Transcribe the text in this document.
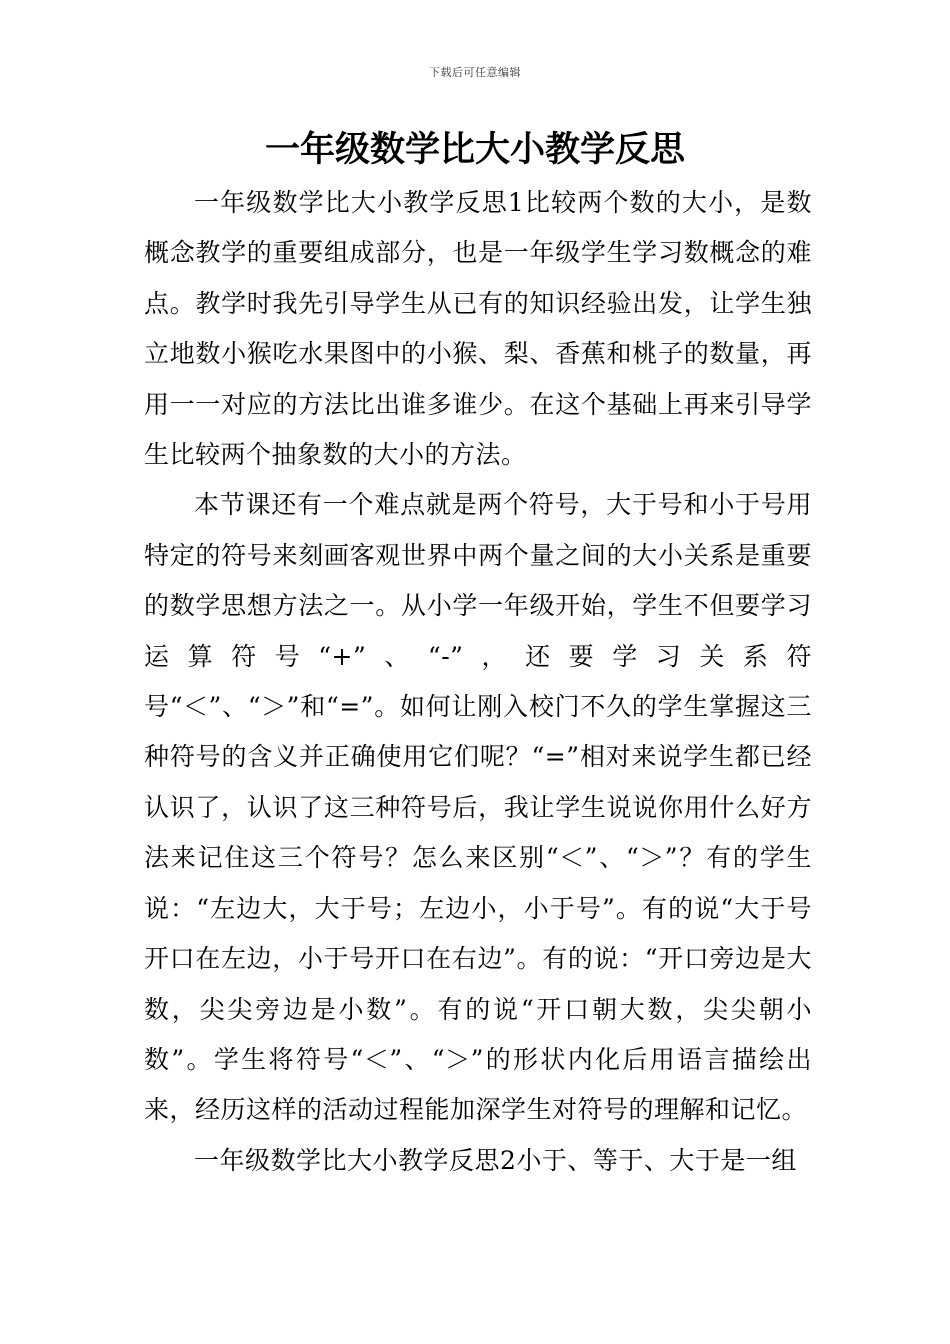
下载后可任意编辑
一年级数学比大小教学反思

一年级数学比大小教学反思1比较两个数的大小，是数概念教学的重要组成部分，也是一年级学生学习数概念的难点。教学时我先引导学生从已有的知识经验出发，让学生独立地数小猴吃水果图中的小猴、梨、香蕉和桃子的数量，再用一一对应的方法比出谁多谁少。在这个基础上再来引导学生比较两个抽象数的大小的方法。

本节课还有一个难点就是两个符号，大于号和小于号用特定的符号来刻画客观世界中两个量之间的大小关系是重要的数学思想方法之一。从小学一年级开始，学生不但要学习运算符号“+”、“-”，还要学习关系符号“＜”、“＞”和“=”。如何让刚入校门不久的学生掌握这三种符号的含义并正确使用它们呢？“=”相对来说学生都已经认识了，认识了这三种符号后，我让学生说说你用什么好方法来记住这三个符号？怎么来区别“＜”、“＞”？有的学生说：“左边大，大于号；左边小，小于号”。有的说“大于号开口在左边，小于号开口在右边”。有的说：“开口旁边是大数，尖尖旁边是小数”。有的说“开口朝大数，尖尖朝小数”。学生将符号“＜”、“＞”的形状内化后用语言描绘出来，经历这样的活动过程能加深学生对符号的理解和记忆。

一年级数学比大小教学反思2小于、等于、大于是一组
